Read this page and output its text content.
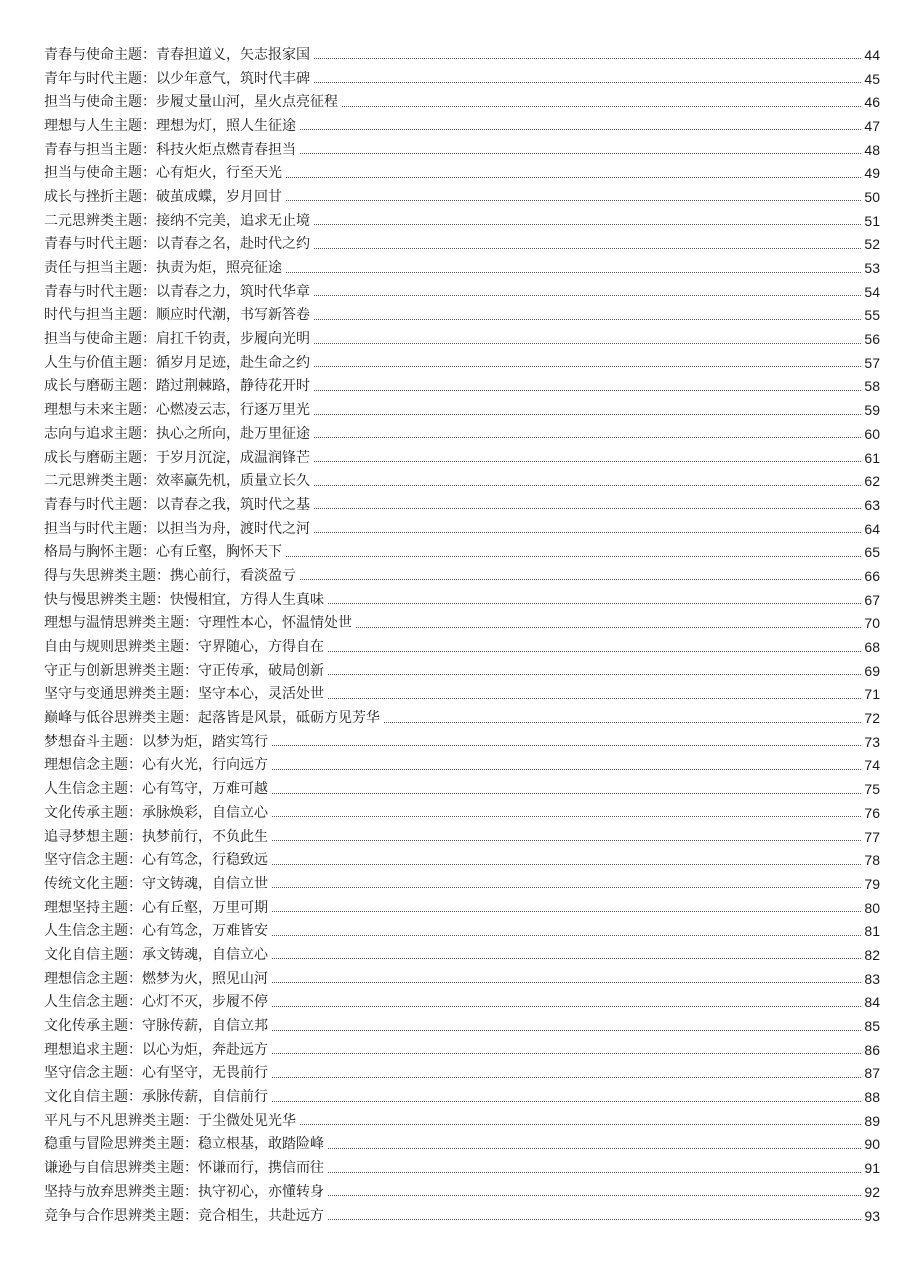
青春与使命主题：青春担道义，矢志报家国	44
青年与时代主题：以少年意气，筑时代丰碑	45
担当与使命主题：步履丈量山河，星火点亮征程	46
理想与人生主题：理想为灯，照人生征途	47
青春与担当主题：科技火炬点燃青春担当	48
担当与使命主题：心有炬火，行至天光	49
成长与挫折主题：破茧成蝶，岁月回甘	50
二元思辨类主题：接纳不完美，追求无止境	51
青春与时代主题：以青春之名，赴时代之约	52
责任与担当主题：执责为炬，照亮征途	53
青春与时代主题：以青春之力，筑时代华章	54
时代与担当主题：顺应时代潮，书写新答卷	55
担当与使命主题：肩扛千钧责，步履向光明	56
人生与价值主题：循岁月足迹，赴生命之约	57
成长与磨砺主题：踏过荆棘路，静待花开时	58
理想与未来主题：心燃凌云志，行逐万里光	59
志向与追求主题：执心之所向，赴万里征途	60
成长与磨砺主题：于岁月沉淀，成温润锋芒	61
二元思辨类主题：效率赢先机，质量立长久	62
青春与时代主题：以青春之我，筑时代之基	63
担当与时代主题：以担当为舟，渡时代之河	64
格局与胸怀主题：心有丘壑，胸怀天下	65
得与失思辨类主题：携心前行，看淡盈亏	66
快与慢思辨类主题：快慢相宜，方得人生真味	67
理想与温情思辨类主题：守理性本心，怀温情处世	70
自由与规则思辨类主题：守界随心，方得自在	68
守正与创新思辨类主题：守正传承，破局创新	69
坚守与变通思辨类主题：坚守本心，灵活处世	71
巅峰与低谷思辨类主题：起落皆是风景，砥砺方见芳华	72
梦想奋斗主题：以梦为炬，踏实笃行	73
理想信念主题：心有火光，行向远方	74
人生信念主题：心有笃守，万难可越	75
文化传承主题：承脉焕彩，自信立心	76
追寻梦想主题：执梦前行，不负此生	77
坚守信念主题：心有笃念，行稳致远	78
传统文化主题：守文铸魂，自信立世	79
理想坚持主题：心有丘壑，万里可期	80
人生信念主题：心有笃念，万难皆安	81
文化自信主题：承文铸魂，自信立心	82
理想信念主题：燃梦为火，照见山河	83
人生信念主题：心灯不灭，步履不停	84
文化传承主题：守脉传薪，自信立邦	85
理想追求主题：以心为炬，奔赴远方	86
坚守信念主题：心有坚守，无畏前行	87
文化自信主题：承脉传薪，自信前行	88
平凡与不凡思辨类主题：于尘微处见光华	89
稳重与冒险思辨类主题：稳立根基，敢踏险峰	90
谦逊与自信思辨类主题：怀谦而行，携信而往	91
坚持与放弃思辨类主题：执守初心，亦懂转身	92
竞争与合作思辨类主题：竞合相生，共赴远方	93
